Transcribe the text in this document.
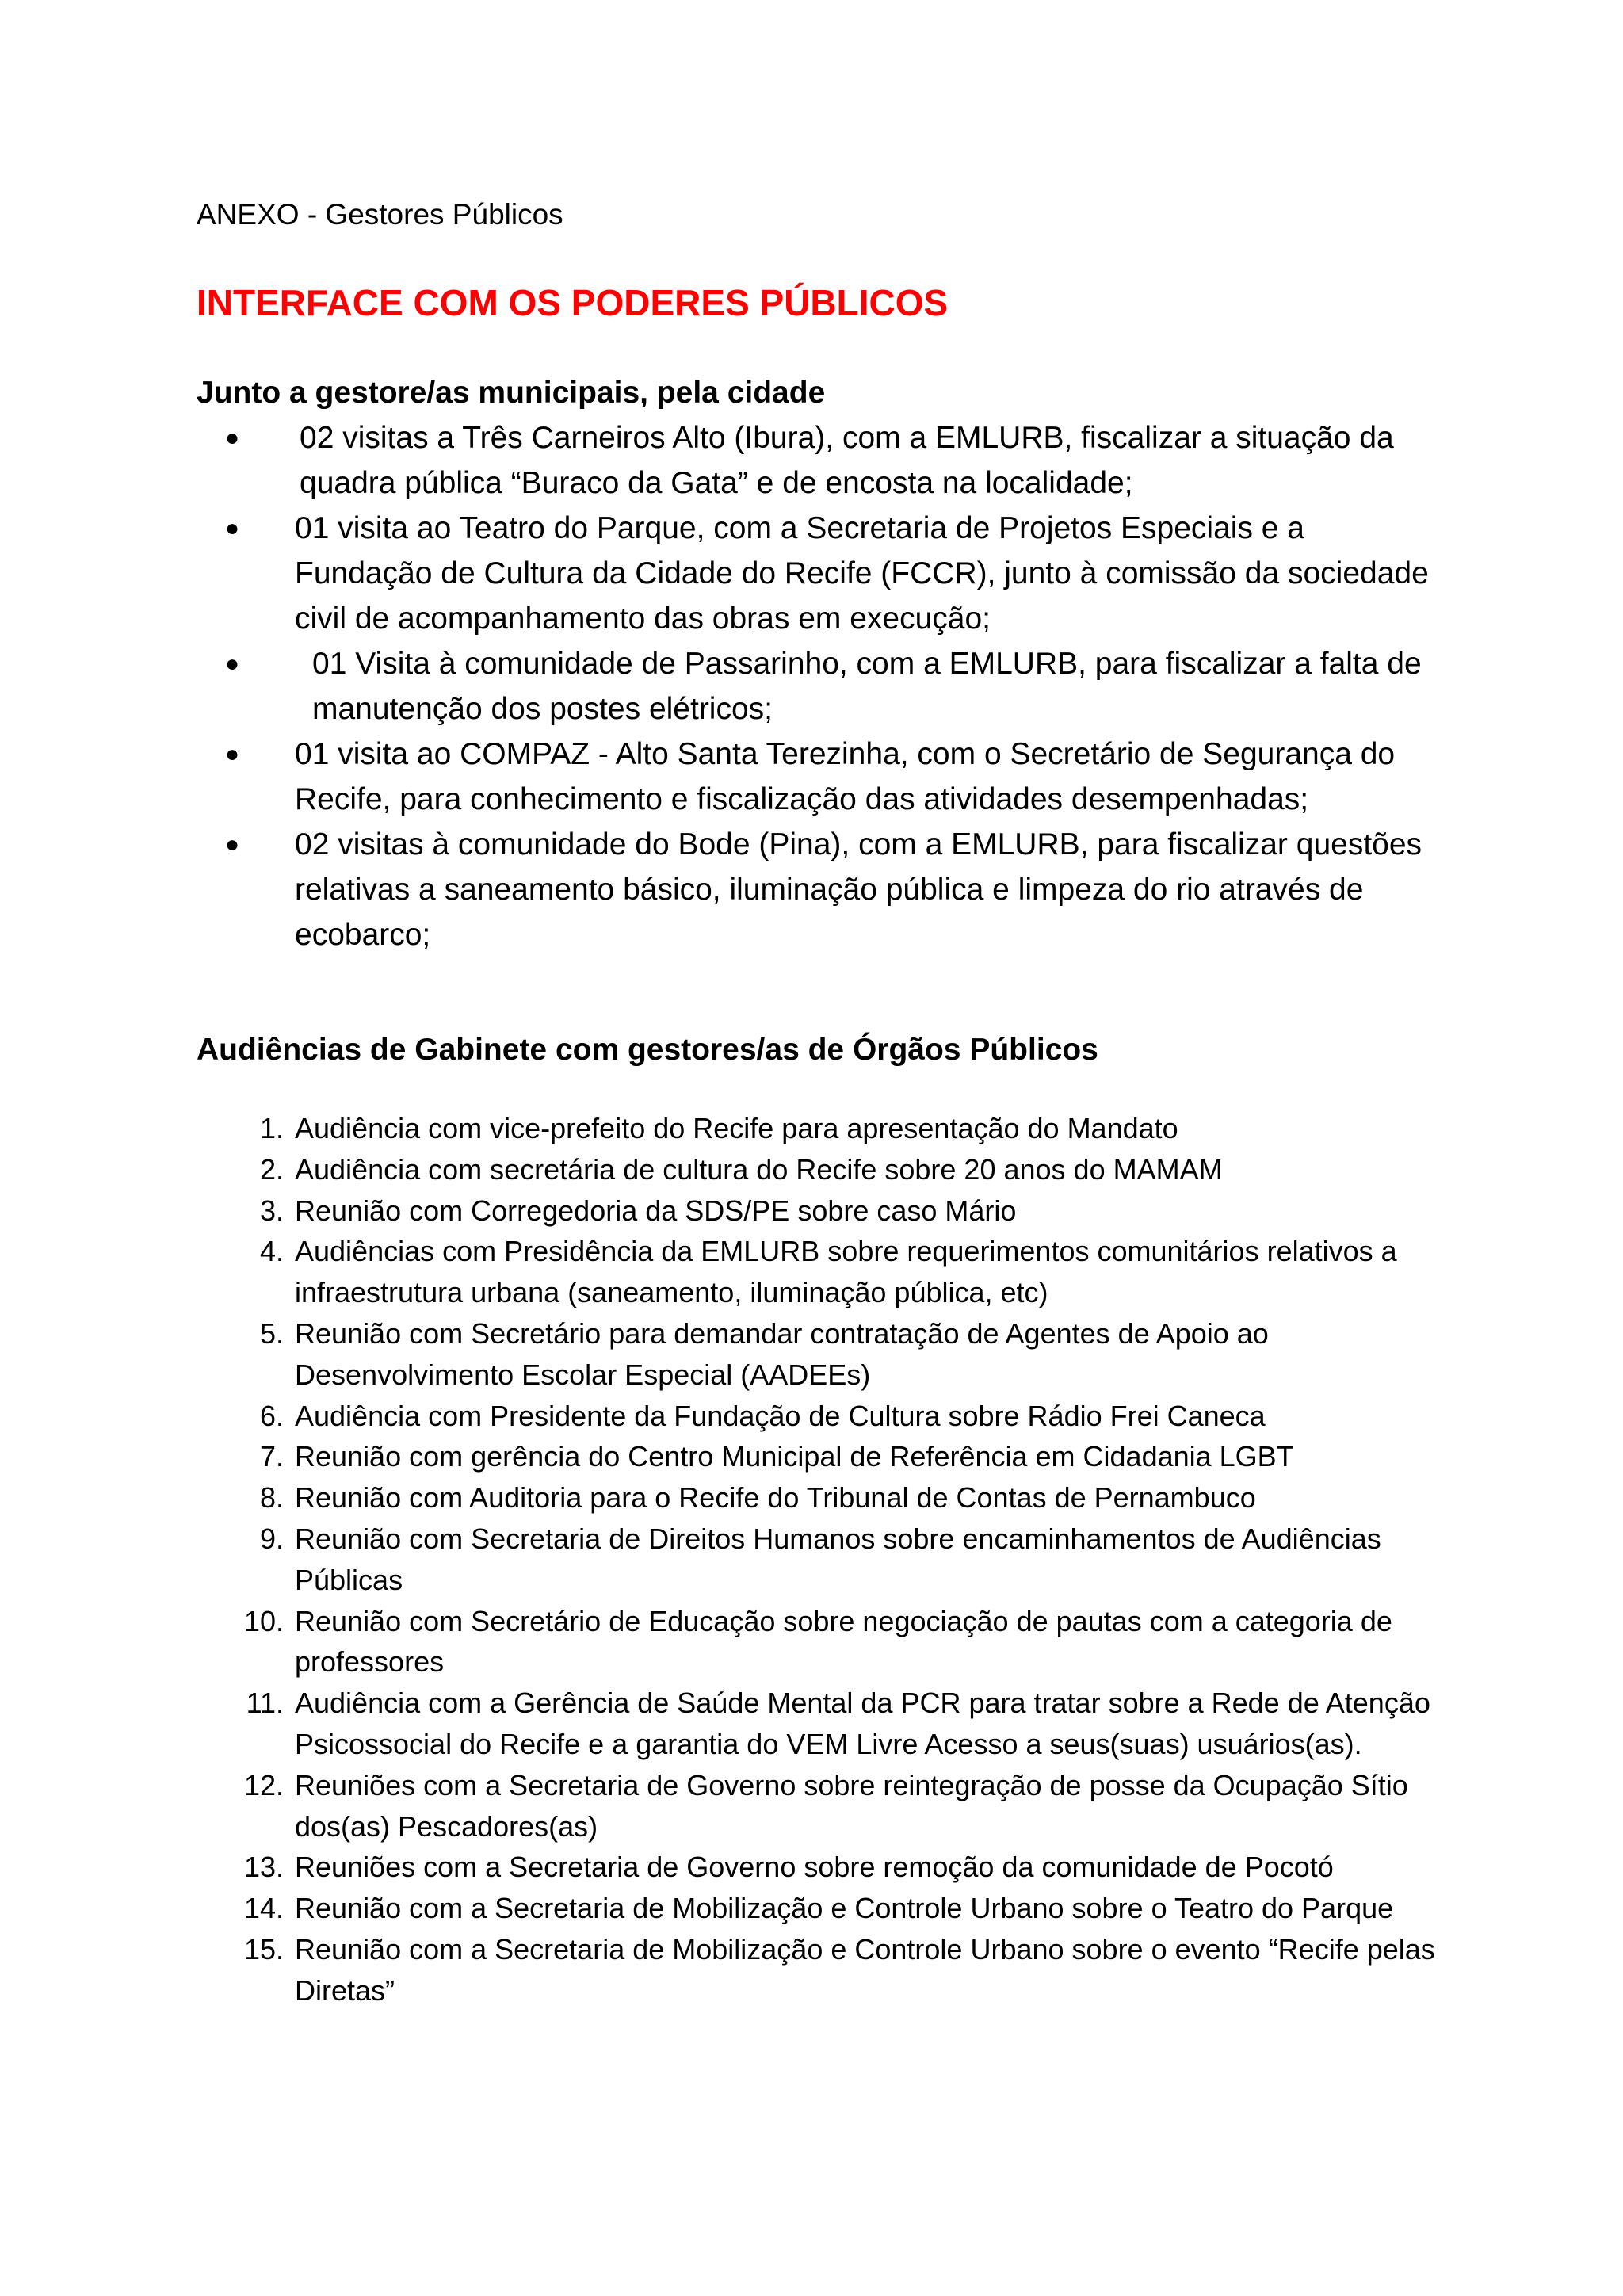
ANEXO - Gestores Públicos
INTERFACE COM OS PODERES PÚBLICOS
Junto a gestore/as municipais, pela cidade
● 02 visitas a Três Carneiros Alto (Ibura), com a EMLURB, fiscalizar a situação da quadra pública “Buraco da Gata” e de encosta na localidade;
● 01 visita ao Teatro do Parque, com a Secretaria de Projetos Especiais e a Fundação de Cultura da Cidade do Recife (FCCR), junto à comissão da sociedade civil de acompanhamento das obras em execução;
●	01 Visita à comunidade de Passarinho, com a EMLURB, para fiscalizar a falta de manutenção dos postes elétricos;
● 01 visita ao COMPAZ - Alto Santa Terezinha, com o Secretário de Segurança do Recife, para conhecimento e fiscalização das atividades desempenhadas;
● 02 visitas à comunidade do Bode (Pina), com a EMLURB, para fiscalizar questões relativas a saneamento básico, iluminação pública e limpeza do rio através de ecobarco;
Audiências de Gabinete com gestores/as de Órgãos Públicos
1. Audiência com vice-prefeito do Recife para apresentação do Mandato
2. Audiência com secretária de cultura do Recife sobre 20 anos do MAMAM
3. Reunião com Corregedoria da SDS/PE sobre caso Mário
4. Audiências com Presidência da EMLURB sobre requerimentos comunitários relativos a infraestrutura urbana (saneamento, iluminação pública, etc)
5. Reunião com Secretário para demandar contratação de Agentes de Apoio ao Desenvolvimento Escolar Especial (AADEEs)
6. Audiência com Presidente da Fundação de Cultura sobre Rádio Frei Caneca
7. Reunião com gerência do Centro Municipal de Referência em Cidadania LGBT
8. Reunião com Auditoria para o Recife do Tribunal de Contas de Pernambuco
9. Reunião com Secretaria de Direitos Humanos sobre encaminhamentos de Audiências Públicas
10. Reunião com Secretário de Educação sobre negociação de pautas com a categoria de professores
11. Audiência com a Gerência de Saúde Mental da PCR para tratar sobre a Rede de Atenção Psicossocial do Recife e a garantia do VEM Livre Acesso a seus(suas) usuários(as).
12. Reuniões com a Secretaria de Governo sobre reintegração de posse da Ocupação Sítio dos(as) Pescadores(as)
13. Reuniões com a Secretaria de Governo sobre remoção da comunidade de Pocotó
14. Reunião com a Secretaria de Mobilização e Controle Urbano sobre o Teatro do Parque
15. Reunião com a Secretaria de Mobilização e Controle Urbano sobre o evento “Recife pelas Diretas”
